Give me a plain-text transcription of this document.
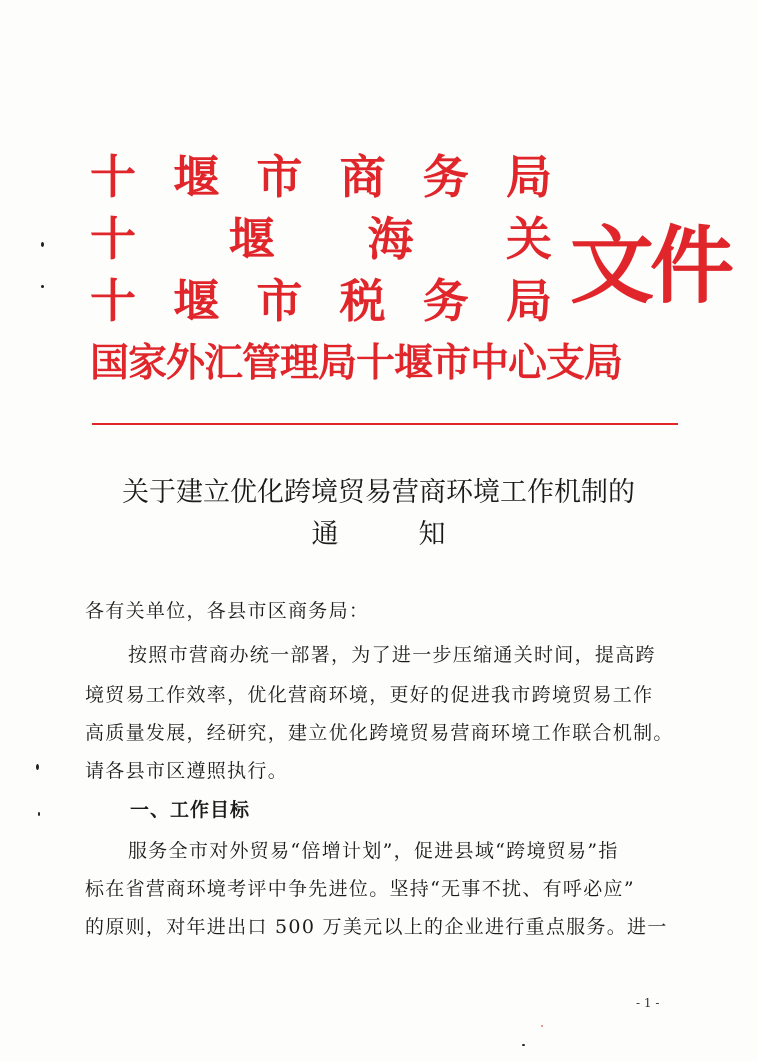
十 堰 市 商 务 局
十 堰 海 关
十 堰 市 税 务 局
国家外汇管理局十堰市中心支局
文件
关于建立优化跨境贸易营商环境工作机制的
通	知
各有关单位，各县市区商务局：
按照市营商办统一部署，为了进一步压缩通关时间，提高跨
境贸易工作效率，优化营商环境，更好的促进我市跨境贸易工作
高质量发展，经研究，建立优化跨境贸易营商环境工作联合机制。
请各县市区遵照执行。
一、工作目标
服务全市对外贸易“倍增计划”，促进县域“跨境贸易”指
标在省营商环境考评中争先进位。坚持“无事不扰、有呼必应”
的原则，对年进出口 500 万美元以上的企业进行重点服务。进一
- 1 -
